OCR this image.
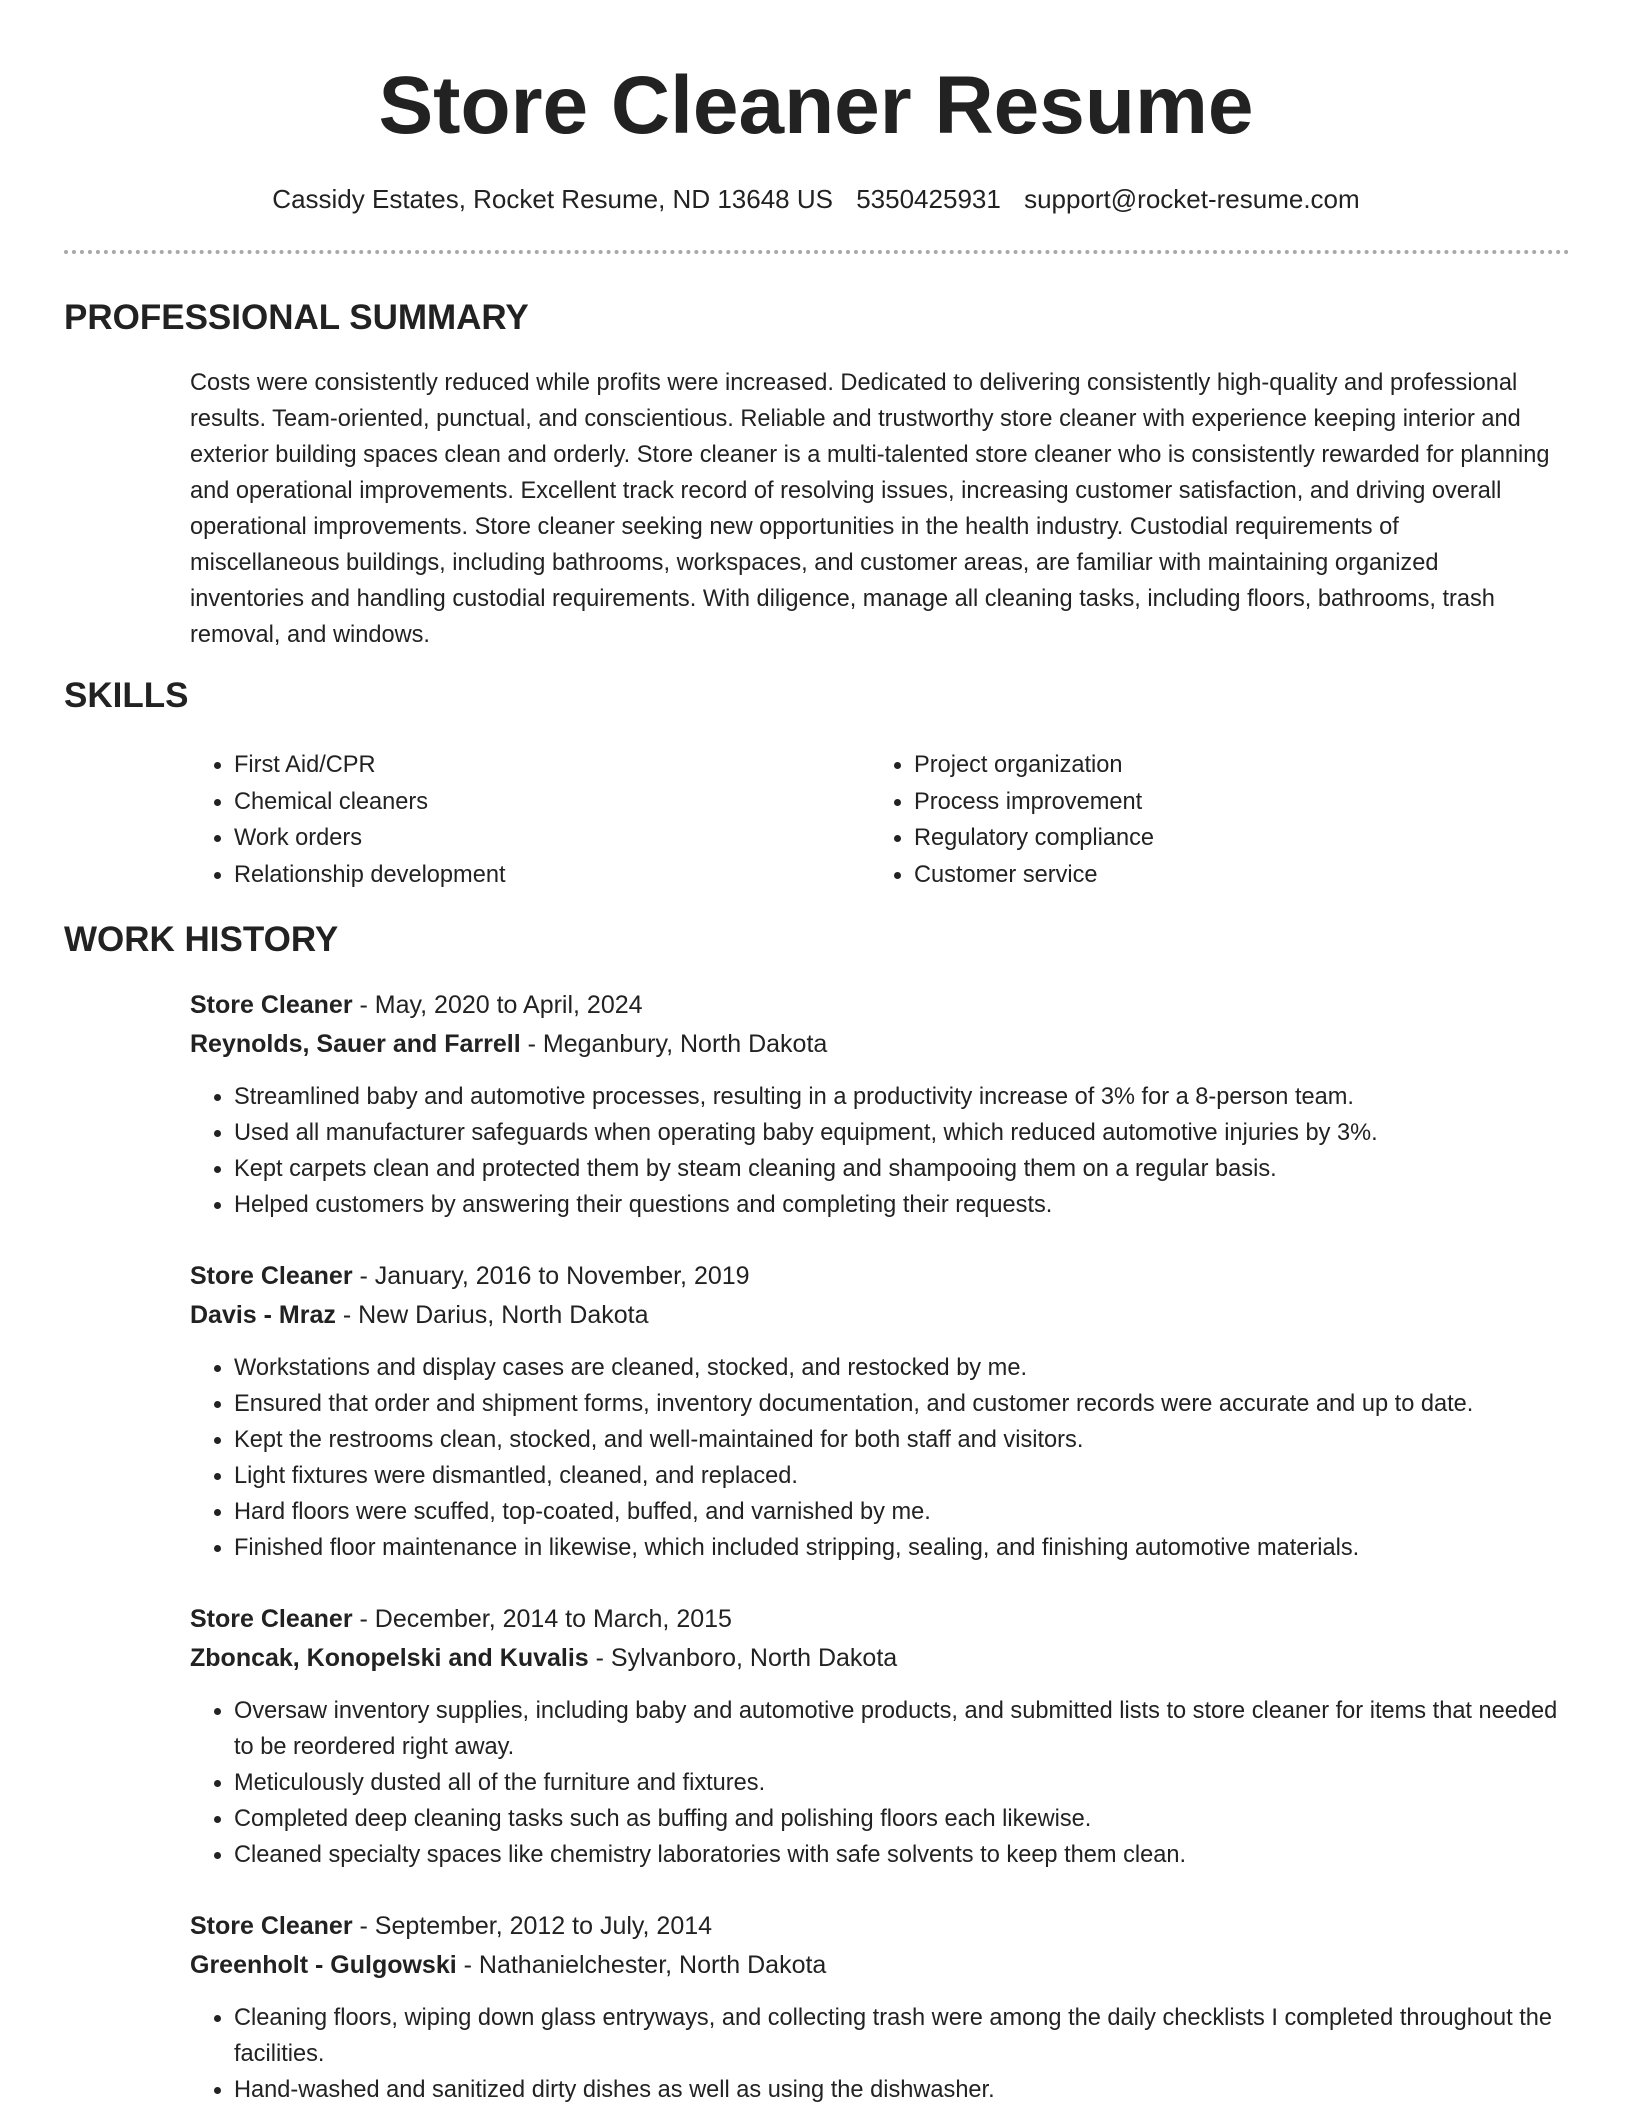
Store Cleaner Resume
Cassidy Estates, Rocket Resume, ND 13648 US 5350425931 support@rocket-resume.com
PROFESSIONAL SUMMARY

Costs were consistently reduced while profits were increased. Dedicated to delivering consistently high-quality and professional results. Team-oriented, punctual, and conscientious. Reliable and trustworthy store cleaner with experience keeping interior and exterior building spaces clean and orderly. Store cleaner is a multi-talented store cleaner who is consistently rewarded for planning and operational improvements. Excellent track record of resolving issues, increasing customer satisfaction, and driving overall operational improvements. Store cleaner seeking new opportunities in the health industry. Custodial requirements of miscellaneous buildings, including bathrooms, workspaces, and customer areas, are familiar with maintaining organized inventories and handling custodial requirements. With diligence, manage all cleaning tasks, including floors, bathrooms, trash removal, and windows.

SKILLS
• First Aid/CPR
• Chemical cleaners
• Work orders
• Relationship development
• Project organization
• Process improvement
• Regulatory compliance
• Customer service
WORK HISTORY
Store Cleaner - May, 2020 to April, 2024
Reynolds, Sauer and Farrell - Meganbury, North Dakota
• Streamlined baby and automotive processes, resulting in a productivity increase of 3% for a 8-person team.
• Used all manufacturer safeguards when operating baby equipment, which reduced automotive injuries by 3%.
• Kept carpets clean and protected them by steam cleaning and shampooing them on a regular basis.
• Helped customers by answering their questions and completing their requests.
Store Cleaner - January, 2016 to November, 2019
Davis - Mraz - New Darius, North Dakota
• Workstations and display cases are cleaned, stocked, and restocked by me.
• Ensured that order and shipment forms, inventory documentation, and customer records were accurate and up to date.
• Kept the restrooms clean, stocked, and well-maintained for both staff and visitors.
• Light fixtures were dismantled, cleaned, and replaced.
• Hard floors were scuffed, top-coated, buffed, and varnished by me.
• Finished floor maintenance in likewise, which included stripping, sealing, and finishing automotive materials.
Store Cleaner - December, 2014 to March, 2015
Zboncak, Konopelski and Kuvalis - Sylvanboro, North Dakota
• Oversaw inventory supplies, including baby and automotive products, and submitted lists to store cleaner for items that needed to be reordered right away.
• Meticulously dusted all of the furniture and fixtures.
• Completed deep cleaning tasks such as buffing and polishing floors each likewise.
• Cleaned specialty spaces like chemistry laboratories with safe solvents to keep them clean.
Store Cleaner - September, 2012 to July, 2014
Greenholt - Gulgowski - Nathanielchester, North Dakota
• Cleaning floors, wiping down glass entryways, and collecting trash were among the daily checklists I completed throughout the facilities.
• Hand-washed and sanitized dirty dishes as well as using the dishwasher.
